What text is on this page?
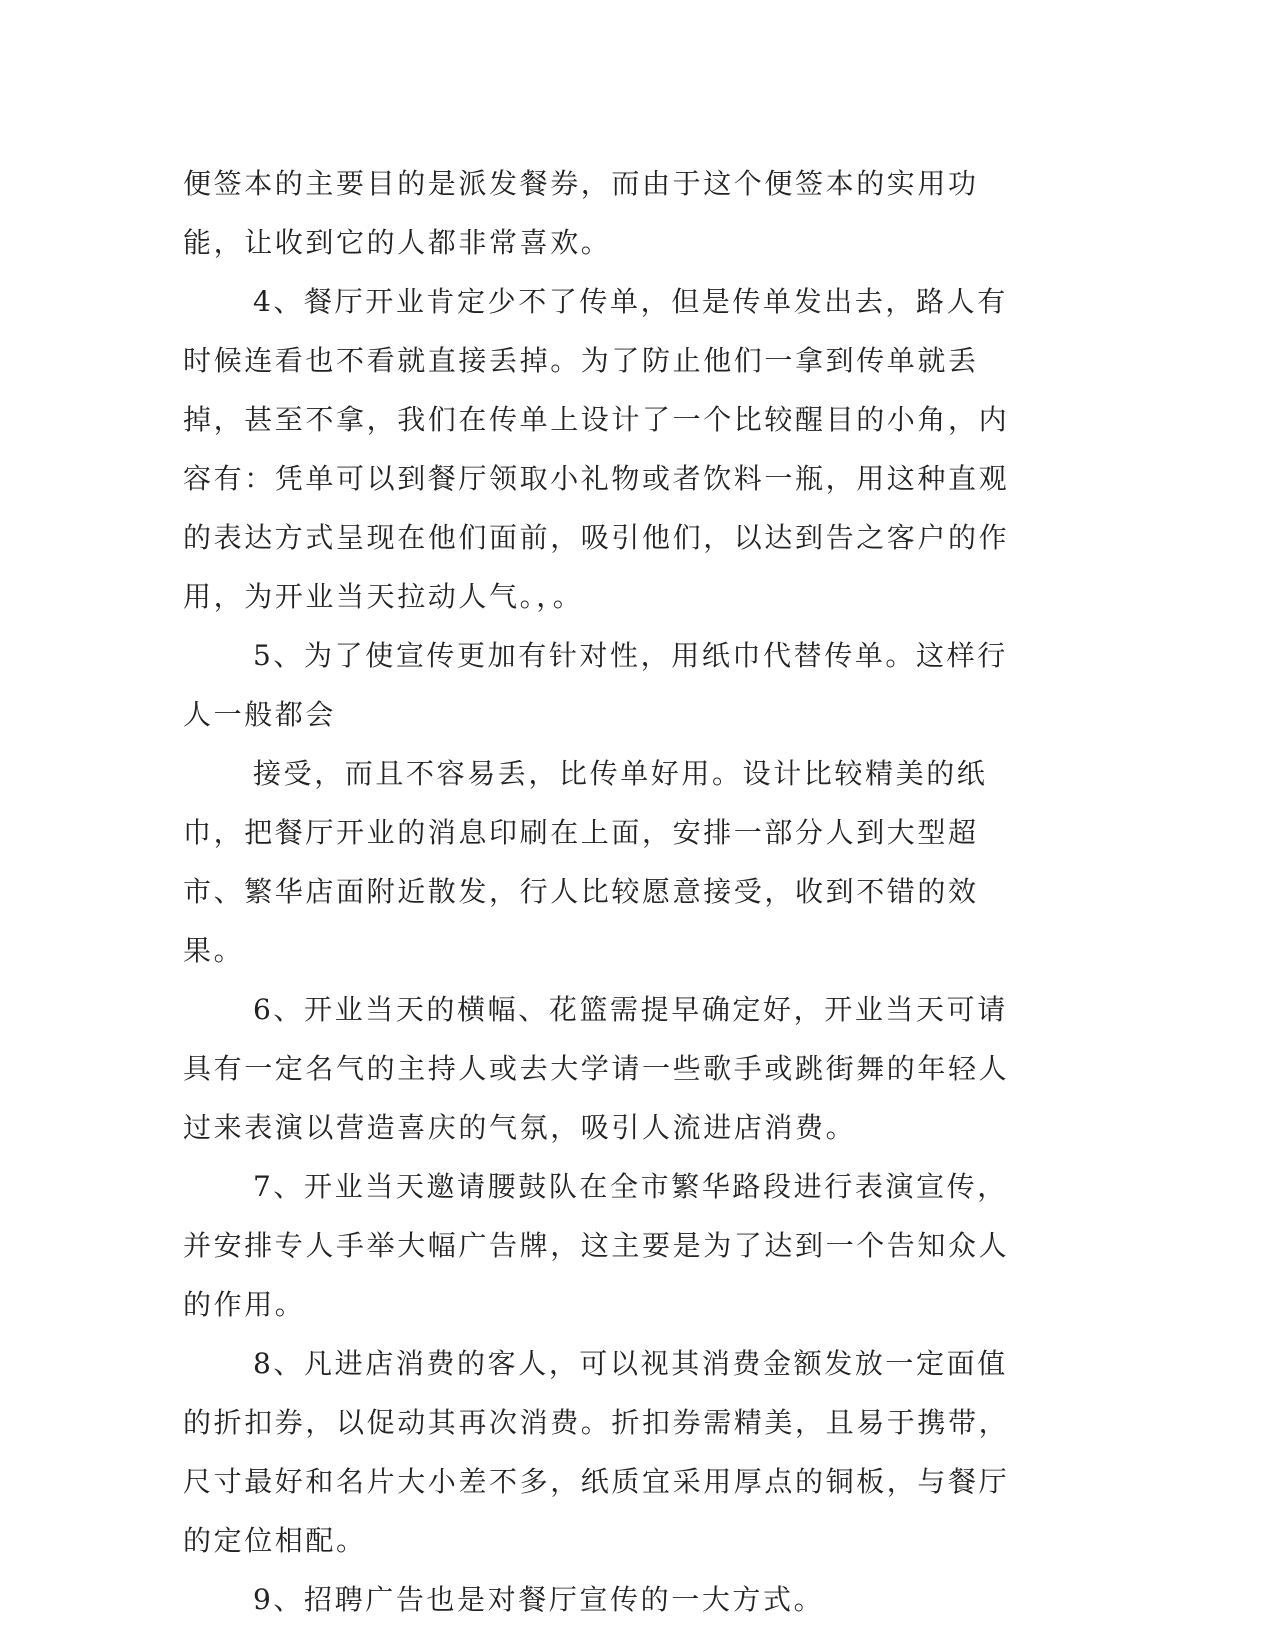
便签本的主要目的是派发餐券，而由于这个便签本的实用功能，让收到它的人都非常喜欢。

4、餐厅开业肯定少不了传单，但是传单发出去，路人有时候连看也不看就直接丢掉。为了防止他们一拿到传单就丢掉，甚至不拿，我们在传单上设计了一个比较醒目的小角，内容有：凭单可以到餐厅领取小礼物或者饮料一瓶，用这种直观的表达方式呈现在他们面前，吸引他们，以达到告之客户的作用，为开业当天拉动人气。，。

5、为了使宣传更加有针对性，用纸巾代替传单。这样行人一般都会

接受，而且不容易丢，比传单好用。设计比较精美的纸巾，把餐厅开业的消息印刷在上面，安排一部分人到大型超市、繁华店面附近散发，行人比较愿意接受，收到不错的效果。

6、开业当天的横幅、花篮需提早确定好，开业当天可请具有一定名气的主持人或去大学请一些歌手或跳街舞的年轻人过来表演以营造喜庆的气氛，吸引人流进店消费。

7、开业当天邀请腰鼓队在全市繁华路段进行表演宣传，并安排专人手举大幅广告牌，这主要是为了达到一个告知众人的作用。

8、凡进店消费的客人，可以视其消费金额发放一定面值的折扣券，以促动其再次消费。折扣券需精美，且易于携带，尺寸最好和名片大小差不多，纸质宜采用厚点的铜板，与餐厅的定位相配。

9、招聘广告也是对餐厅宣传的一大方式。
